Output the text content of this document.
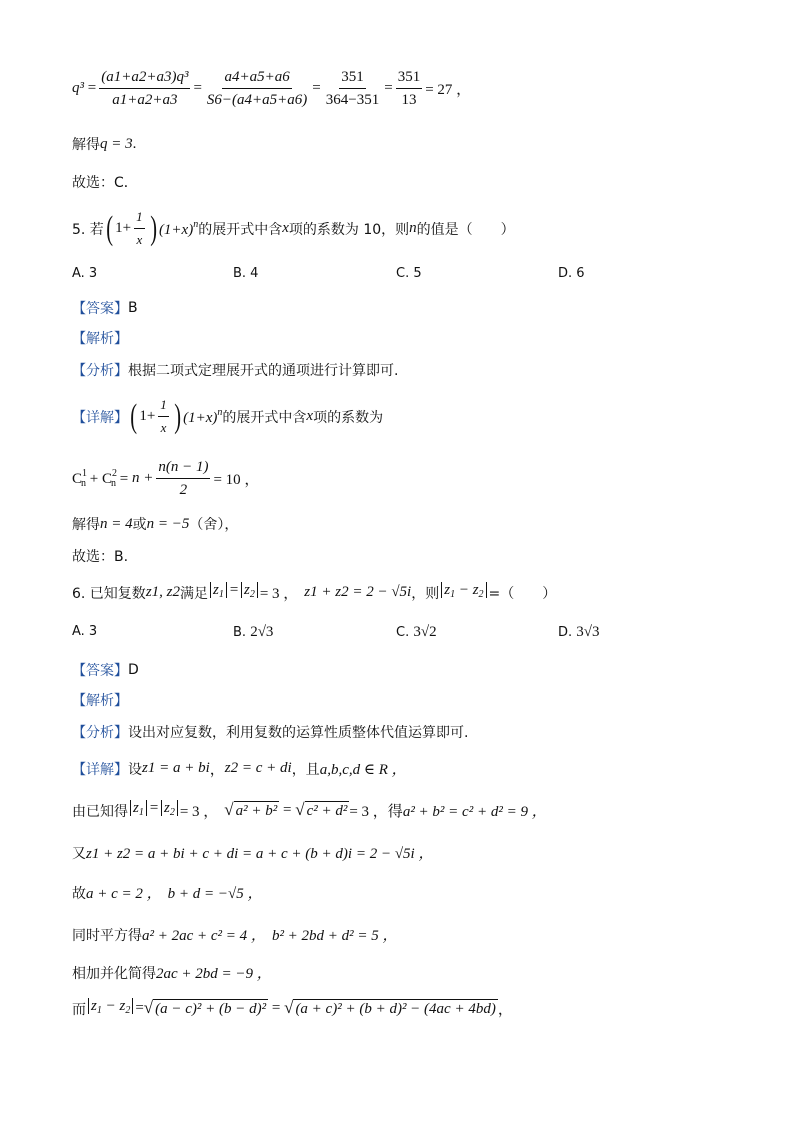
$q^3 = \frac{\text{(a1+a2+a3)q³}}{a1+a2+a3} = \frac{a4+a5+a6}{S6-(a4+a5+a6)} = \frac{351}{364-351} = \frac{351}{13} = 27$ ，
解得 q = 3 .
故选：C．
5. 若 ( $1+ \frac{1}{x}$ ) $(1+x)^n$ 的展开式中含 x 项的系数为 10，则 n 的值是（　　）
A. 3	B. 4	C. 5	D. 6
【答案】 B
【解析】
【分析】 根据二项式定理展开式的通项进行计算即可.
【详解】 ( $1+ \frac{1}{x}$ ) $(1+x)^n$ 的展开式中含 x 项的系数为
$C^1_n + C^2_n = n + \frac{n(n - 1)}{2} = 10$ ，
解得 n = 4 或 n = −5 （舍），
故选：B.
6. 已知复数 z1, z2 满足 $z_1 = z_2 = 3$ ， z1 + z2 = 2 − √5i ，则 $z_1 - z_2$ =（　　）
A. 3	B. 2√3	C. 3√2	D. 3√3
【答案】 D
【解析】
【分析】 设出对应复数，利用复数的运算性质整体代值运算即可.
【详解】 设 z1 = a + bi ， z2 = c + di ，且 a,b,c,d ∈ R ，
由已知得 $z_1 = z_2 = 3$ ， √ a² + b² = √ c² + d² = 3 ，得 a² + b² = c² + d² = 9 ，
又 z1 + z2 = a + bi + c + di = a + c + (b + d)i = 2 − √5i ，
故 a + c = 2 ， b + d = −√5 ，
同时平方得 a² + 2ac + c² = 4 ， b² + 2bd + d² = 5 ，
相加并化简得 2ac + 2bd = −9 ，
而 $z_1 - z_2$ = √ (a − c)² + (b − d)² = √ (a + c)² + (b + d)² − (4ac + 4bd) ，
